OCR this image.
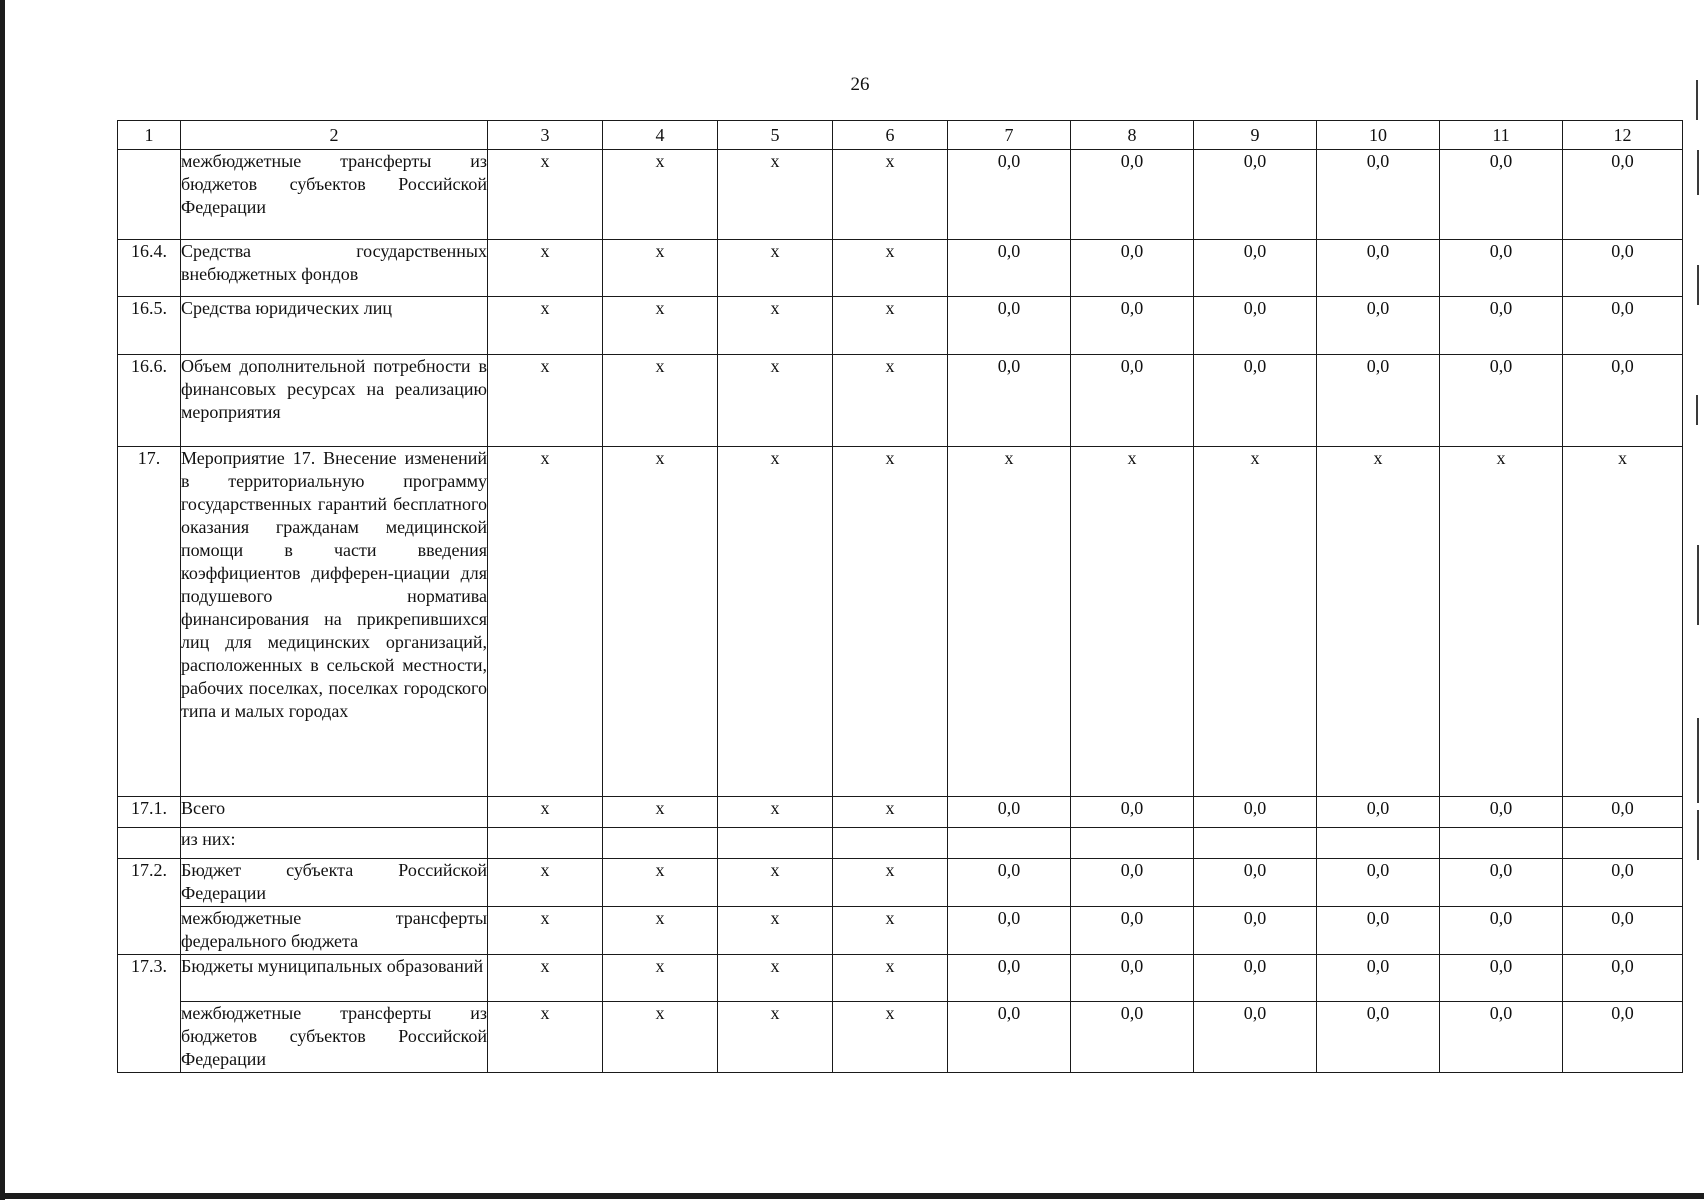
26
1	2	3	4	5	6	7	8	9	10	11	12
	межбюджетные трансферты из бюджетов субъектов Российской Федерации	х	х	х	х	0,0	0,0	0,0	0,0	0,0	0,0
16.4.	Средства государственных внебюджетных фондов	х	х	х	х	0,0	0,0	0,0	0,0	0,0	0,0
16.5.	Средства юридических лиц	х	х	х	х	0,0	0,0	0,0	0,0	0,0	0,0
16.6.	Объем дополнительной потребности в финансовых ресурсах на реализацию мероприятия	х	х	х	х	0,0	0,0	0,0	0,0	0,0	0,0
17.	Мероприятие 17. Внесение изменений в территориальную программу государственных гарантий бесплатного оказания гражданам медицинской помощи в части введения коэффициентов дифферен-циации для подушевого норматива финансирования на прикрепившихся лиц для медицинских организаций, расположенных в сельской местности, рабочих поселках, поселках городского типа и малых городах	х	х	х	х	х	х	х	х	х	х
17.1.	Всего	х	х	х	х	0,0	0,0	0,0	0,0	0,0	0,0
	из них:										
17.2.	Бюджет субъекта Российской Федерации	х	х	х	х	0,0	0,0	0,0	0,0	0,0	0,0
	межбюджетные трансферты федерального бюджета	х	х	х	х	0,0	0,0	0,0	0,0	0,0	0,0
17.3.	Бюджеты муниципальных образований	х	х	х	х	0,0	0,0	0,0	0,0	0,0	0,0
	межбюджетные трансферты из бюджетов субъектов Российской Федерации	х	х	х	х	0,0	0,0	0,0	0,0	0,0	0,0
